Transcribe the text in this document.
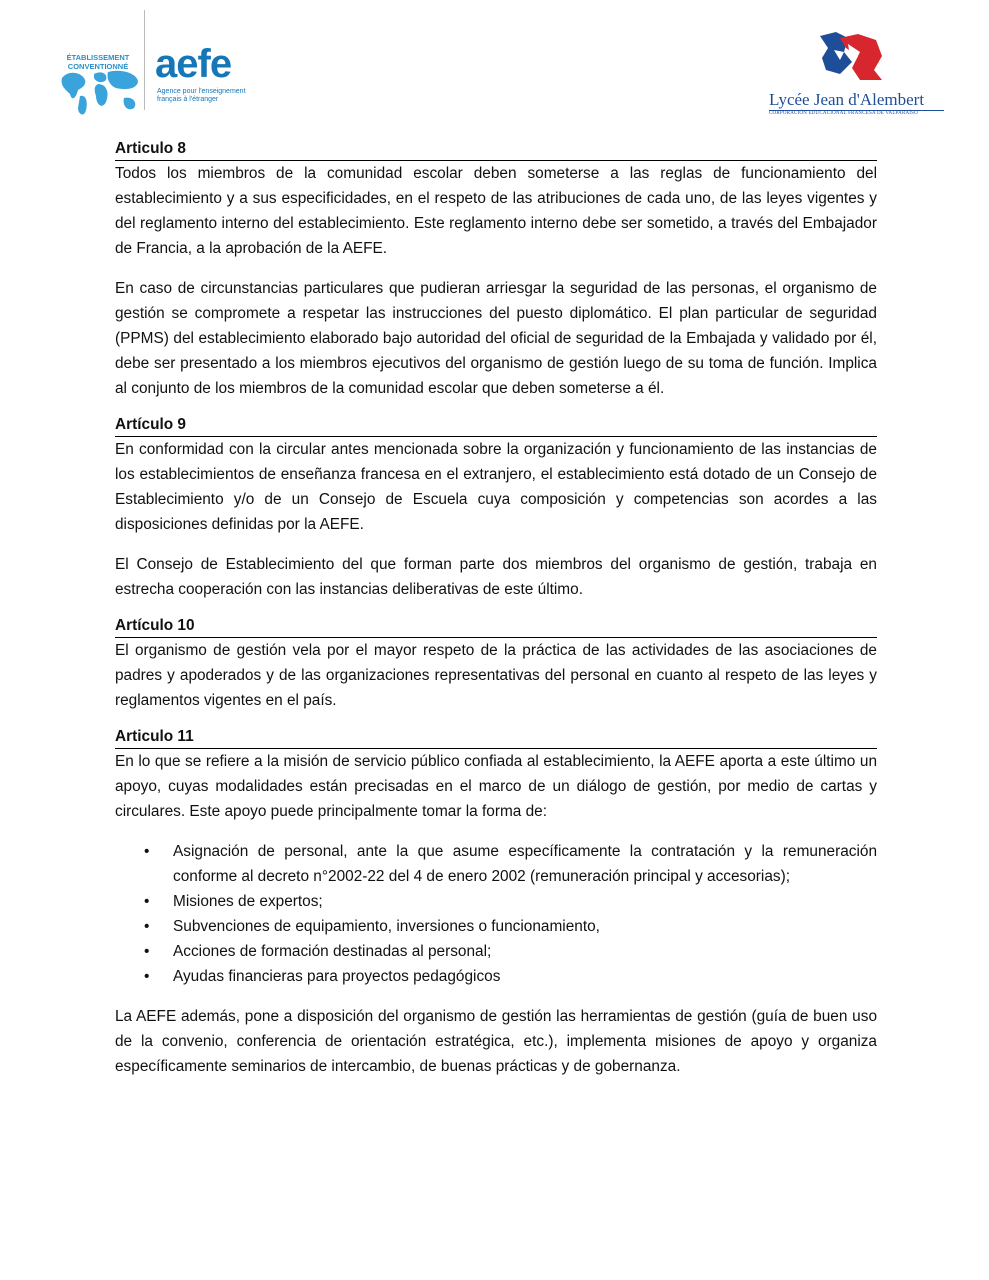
ÉTABLISSEMENT CONVENTIONNÉ aefe
Agence pour l'enseignement français à l'étranger	Lycée Jean d'Alembert
CORPORACIÓN EDUCACIONAL FRANCESA DE VALPARAÍSO

Articulo 8

Todos los miembros de la comunidad escolar deben someterse a las reglas de funcionamiento del establecimiento y a sus especificidades, en el respeto de las atribuciones de cada uno, de las leyes vigentes y del reglamento interno del establecimiento. Este reglamento interno debe ser sometido, a través del Embajador de Francia, a la aprobación de la AEFE.

En caso de circunstancias particulares que pudieran arriesgar la seguridad de las personas, el organismo de gestión se compromete a respetar las instrucciones del puesto diplomático. El plan particular de seguridad (PPMS) del establecimiento elaborado bajo autoridad del oficial de seguridad de la Embajada y validado por él, debe ser presentado a los miembros ejecutivos del organismo de gestión luego de su toma de función. Implica al conjunto de los miembros de la comunidad escolar que deben someterse a él.

Artículo 9

En conformidad con la circular antes mencionada sobre la organización y funcionamiento de las instancias de los establecimientos de enseñanza francesa en el extranjero, el establecimiento está dotado de un Consejo de Establecimiento y/o de un Consejo de Escuela cuya composición y competencias son acordes a las disposiciones definidas por la AEFE.

El Consejo de Establecimiento del que forman parte dos miembros del organismo de gestión, trabaja en estrecha cooperación con las instancias deliberativas de este último.

Artículo 10

El organismo de gestión vela por el mayor respeto de la práctica de las actividades de las asociaciones de padres y apoderados y de las organizaciones representativas del personal en cuanto al respeto de las leyes y reglamentos vigentes en el país.

Articulo 11

En lo que se refiere a la misión de servicio público confiada al establecimiento, la AEFE aporta a este último un apoyo, cuyas modalidades están precisadas en el marco de un diálogo de gestión, por medio de cartas y circulares. Este apoyo puede principalmente tomar la forma de:

• Asignación de personal, ante la que asume específicamente la contratación y la remuneración conforme al decreto n°2002-22 del 4 de enero 2002 (remuneración principal y accesorias);
• Misiones de expertos;
• Subvenciones de equipamiento, inversiones o funcionamiento,
• Acciones de formación destinadas al personal;
• Ayudas financieras para proyectos pedagógicos

La AEFE además, pone a disposición del organismo de gestión las herramientas de gestión (guía de buen uso de la convenio, conferencia de orientación estratégica, etc.), implementa misiones de apoyo y organiza específicamente seminarios de intercambio, de buenas prácticas y de gobernanza.
